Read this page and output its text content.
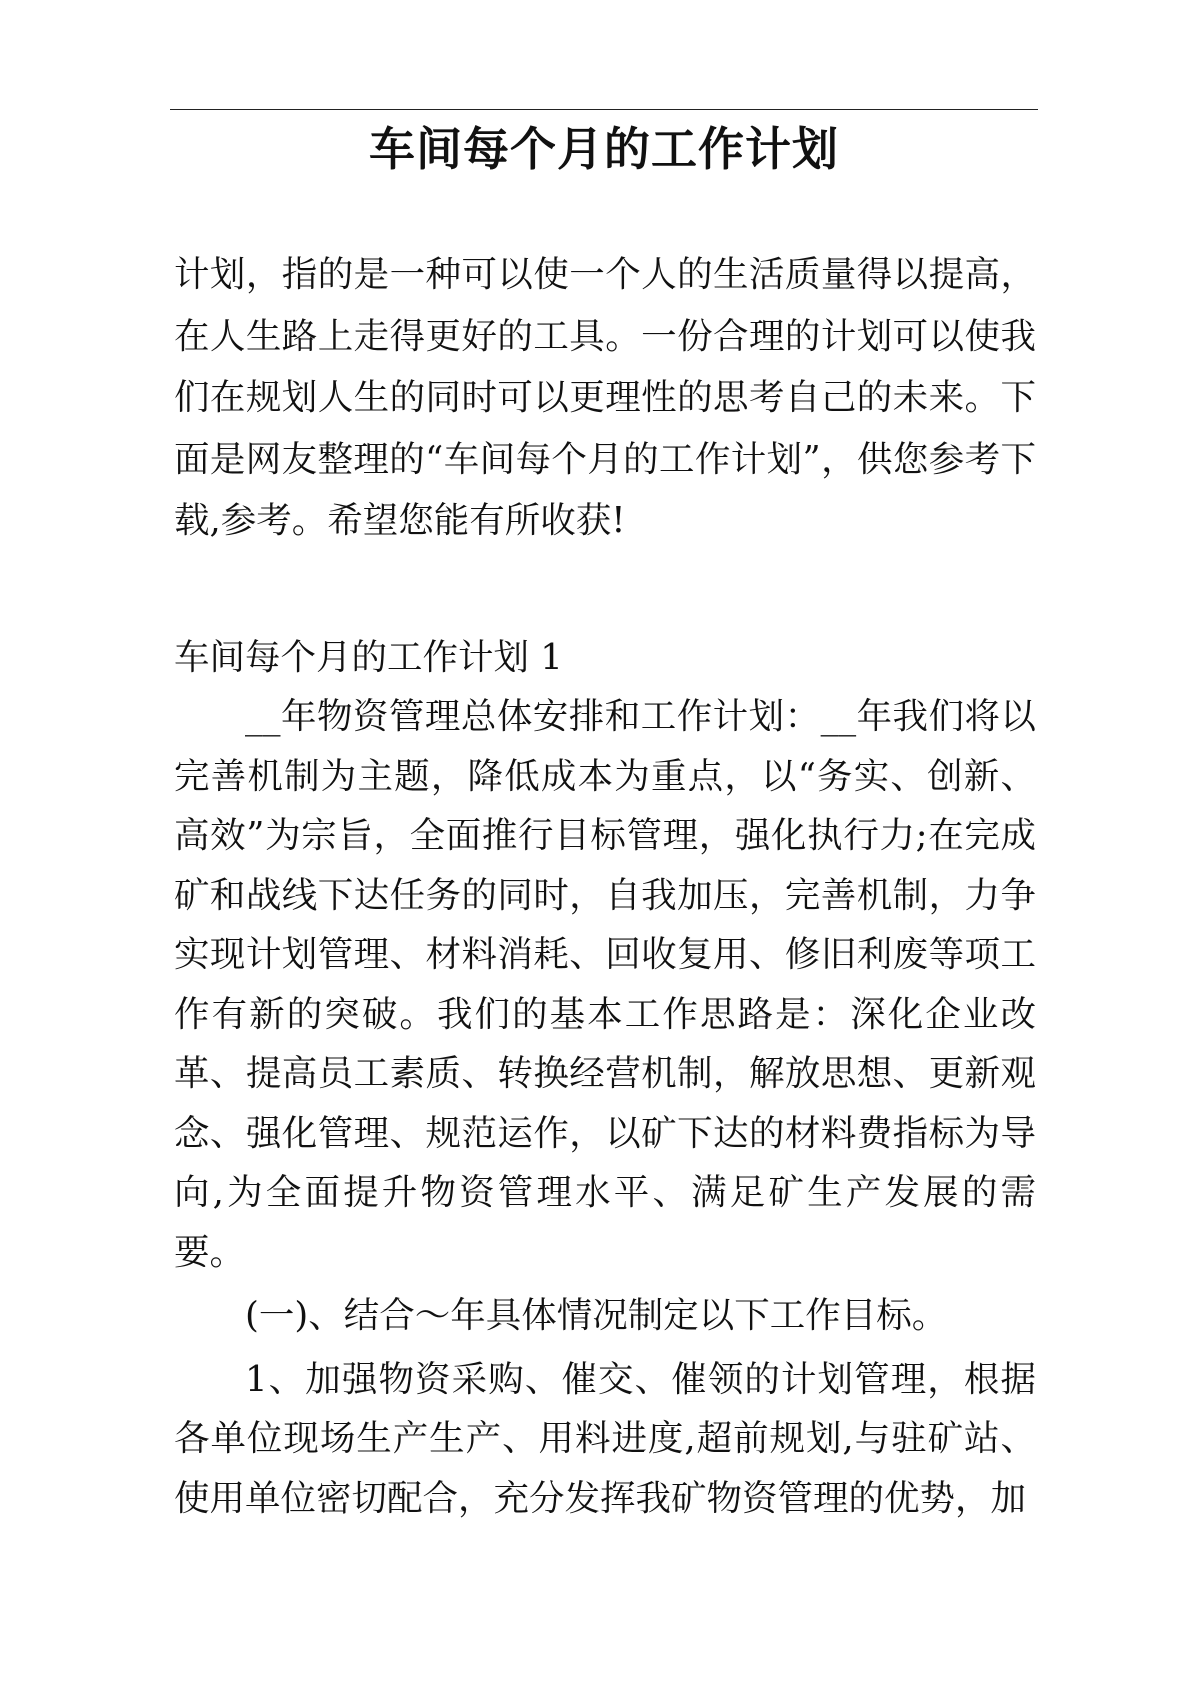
车间每个月的工作计划
计划，指的是一种可以使一个人的生活质量得以提高，在人生路上走得更好的工具。一份合理的计划可以使我们在规划人生的同时可以更理性的思考自己的未来。下面是网友整理的“车间每个月的工作计划”，供您参考下载,参考。希望您能有所收获!
车间每个月的工作计划 1

__年物资管理总体安排和工作计划：__年我们将以完善机制为主题，降低成本为重点，以“务实、创新、高效”为宗旨，全面推行目标管理，强化执行力;在完成矿和战线下达任务的同时，自我加压，完善机制，力争实现计划管理、材料消耗、回收复用、修旧利废等项工作有新的突破。我们的基本工作思路是：深化企业改革、提高员工素质、转换经营机制，解放思想、更新观念、强化管理、规范运作，以矿下达的材料费指标为导向,为全面提升物资管理水平、满足矿生产发展的需要。

(一)、结合～年具体情况制定以下工作目标。

1、加强物资采购、催交、催领的计划管理，根据各单位现场生产生产、用料进度,超前规划,与驻矿站、使用单位密切配合，充分发挥我矿物资管理的优势，加
